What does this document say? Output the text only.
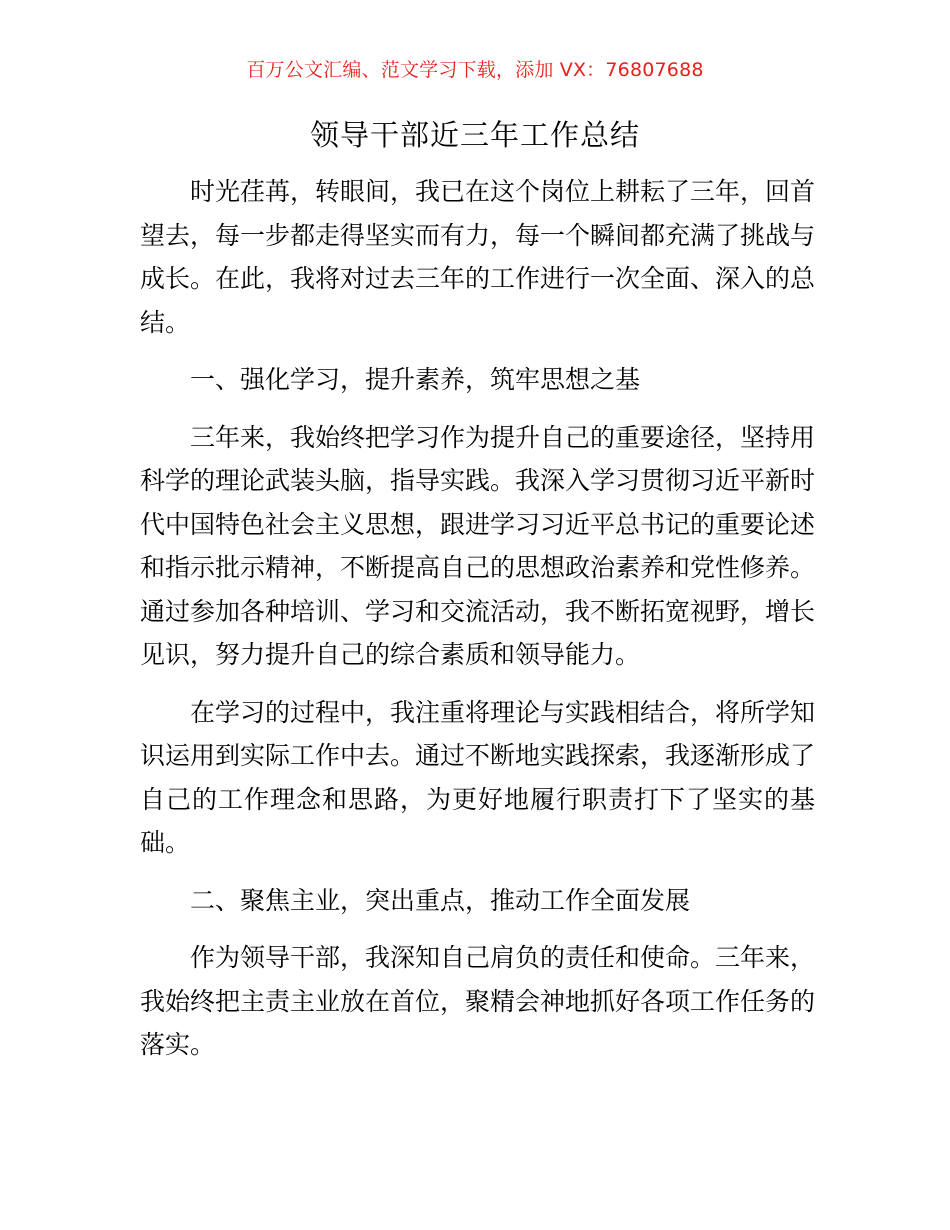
百万公文汇编、范文学习下载，添加 VX：76807688
领导干部近三年工作总结

时光荏苒，转眼间，我已在这个岗位上耕耘了三年，回首望去，每一步都走得坚实而有力，每一个瞬间都充满了挑战与成长。在此，我将对过去三年的工作进行一次全面、深入的总结。

一、强化学习，提升素养，筑牢思想之基

三年来，我始终把学习作为提升自己的重要途径，坚持用科学的理论武装头脑，指导实践。我深入学习贯彻习近平新时代中国特色社会主义思想，跟进学习习近平总书记的重要论述和指示批示精神，不断提高自己的思想政治素养和党性修养。通过参加各种培训、学习和交流活动，我不断拓宽视野，增长见识，努力提升自己的综合素质和领导能力。

在学习的过程中，我注重将理论与实践相结合，将所学知识运用到实际工作中去。通过不断地实践探索，我逐渐形成了自己的工作理念和思路，为更好地履行职责打下了坚实的基础。

二、聚焦主业，突出重点，推动工作全面发展

作为领导干部，我深知自己肩负的责任和使命。三年来，我始终把主责主业放在首位，聚精会神地抓好各项工作任务的落实。
